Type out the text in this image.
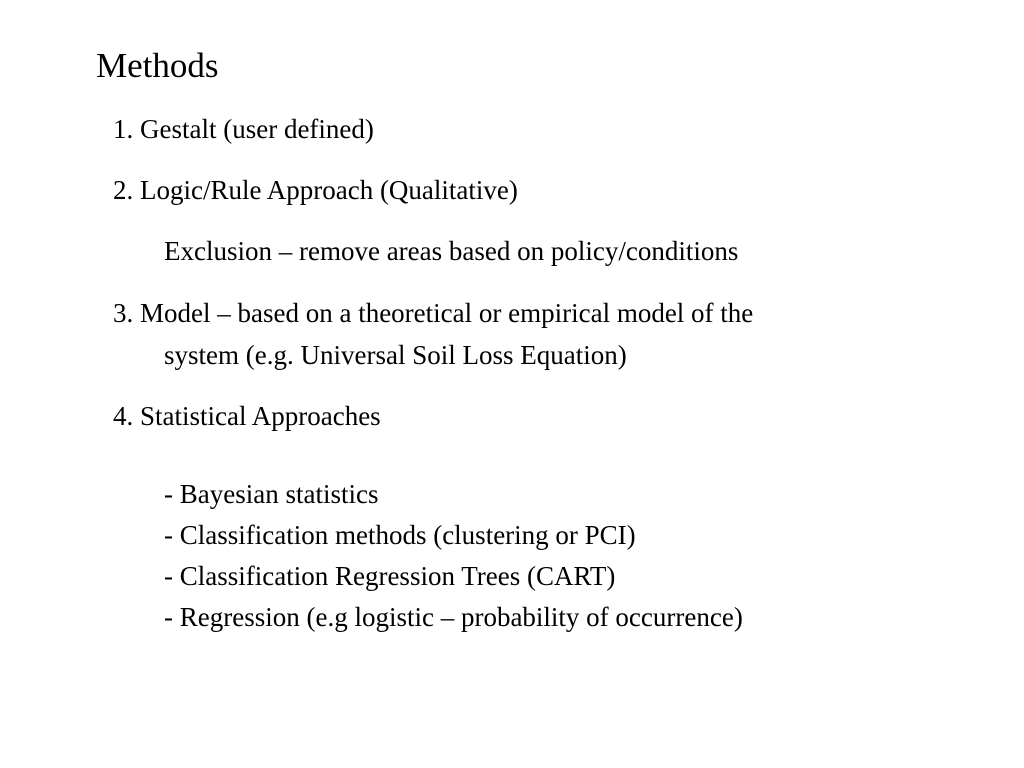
Methods
1. Gestalt (user defined)
2. Logic/Rule Approach (Qualitative)
Exclusion – remove areas based on policy/conditions
3. Model – based on a theoretical or empirical model of the
system (e.g. Universal Soil Loss Equation)
4. Statistical Approaches
- Bayesian statistics
- Classification methods (clustering or PCI)
- Classification Regression Trees (CART)
- Regression (e.g logistic – probability of occurrence)
